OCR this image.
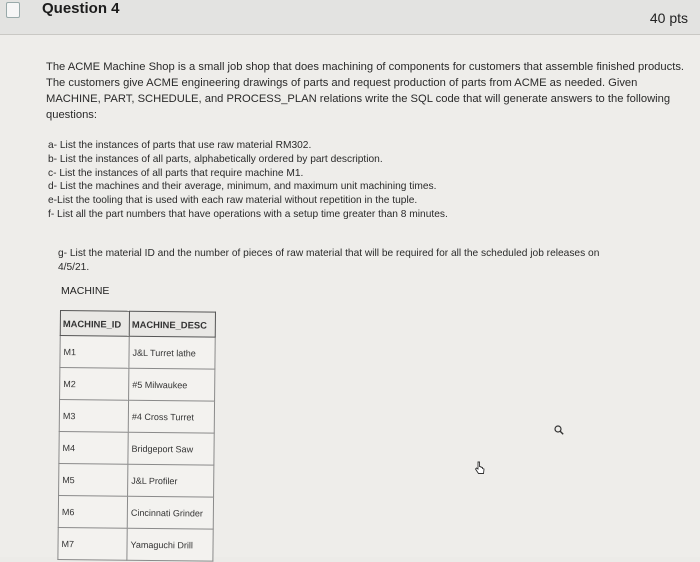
Question 4
40 pts
The ACME Machine Shop is a small job shop that does machining of components for customers that assemble finished products.
The customers give ACME engineering drawings of parts and request production of parts from ACME as needed. Given
MACHINE, PART, SCHEDULE, and PROCESS_PLAN relations write the SQL code that will generate answers to the following
questions:
a- List the instances of parts that use raw material RM302.
b- List the instances of all parts, alphabetically ordered by part description.
c- List the instances of all parts that require machine M1.
d- List the machines and their average, minimum, and maximum unit machining times.
e-List the tooling that is used with each raw material without repetition in the tuple.
f- List all the part numbers that have operations with a setup time greater than 8 minutes.
g- List the material ID and the number of pieces of raw material that will be required for all the scheduled job releases on
4/5/21.
MACHINE
MACHINE_ID	MACHINE_DESC
M1	J&L Turret lathe
M2	#5 Milwaukee
M3	#4 Cross Turret
M4	Bridgeport Saw
M5	J&L Profiler
M6	Cincinnati Grinder
M7	Yamaguchi Drill
